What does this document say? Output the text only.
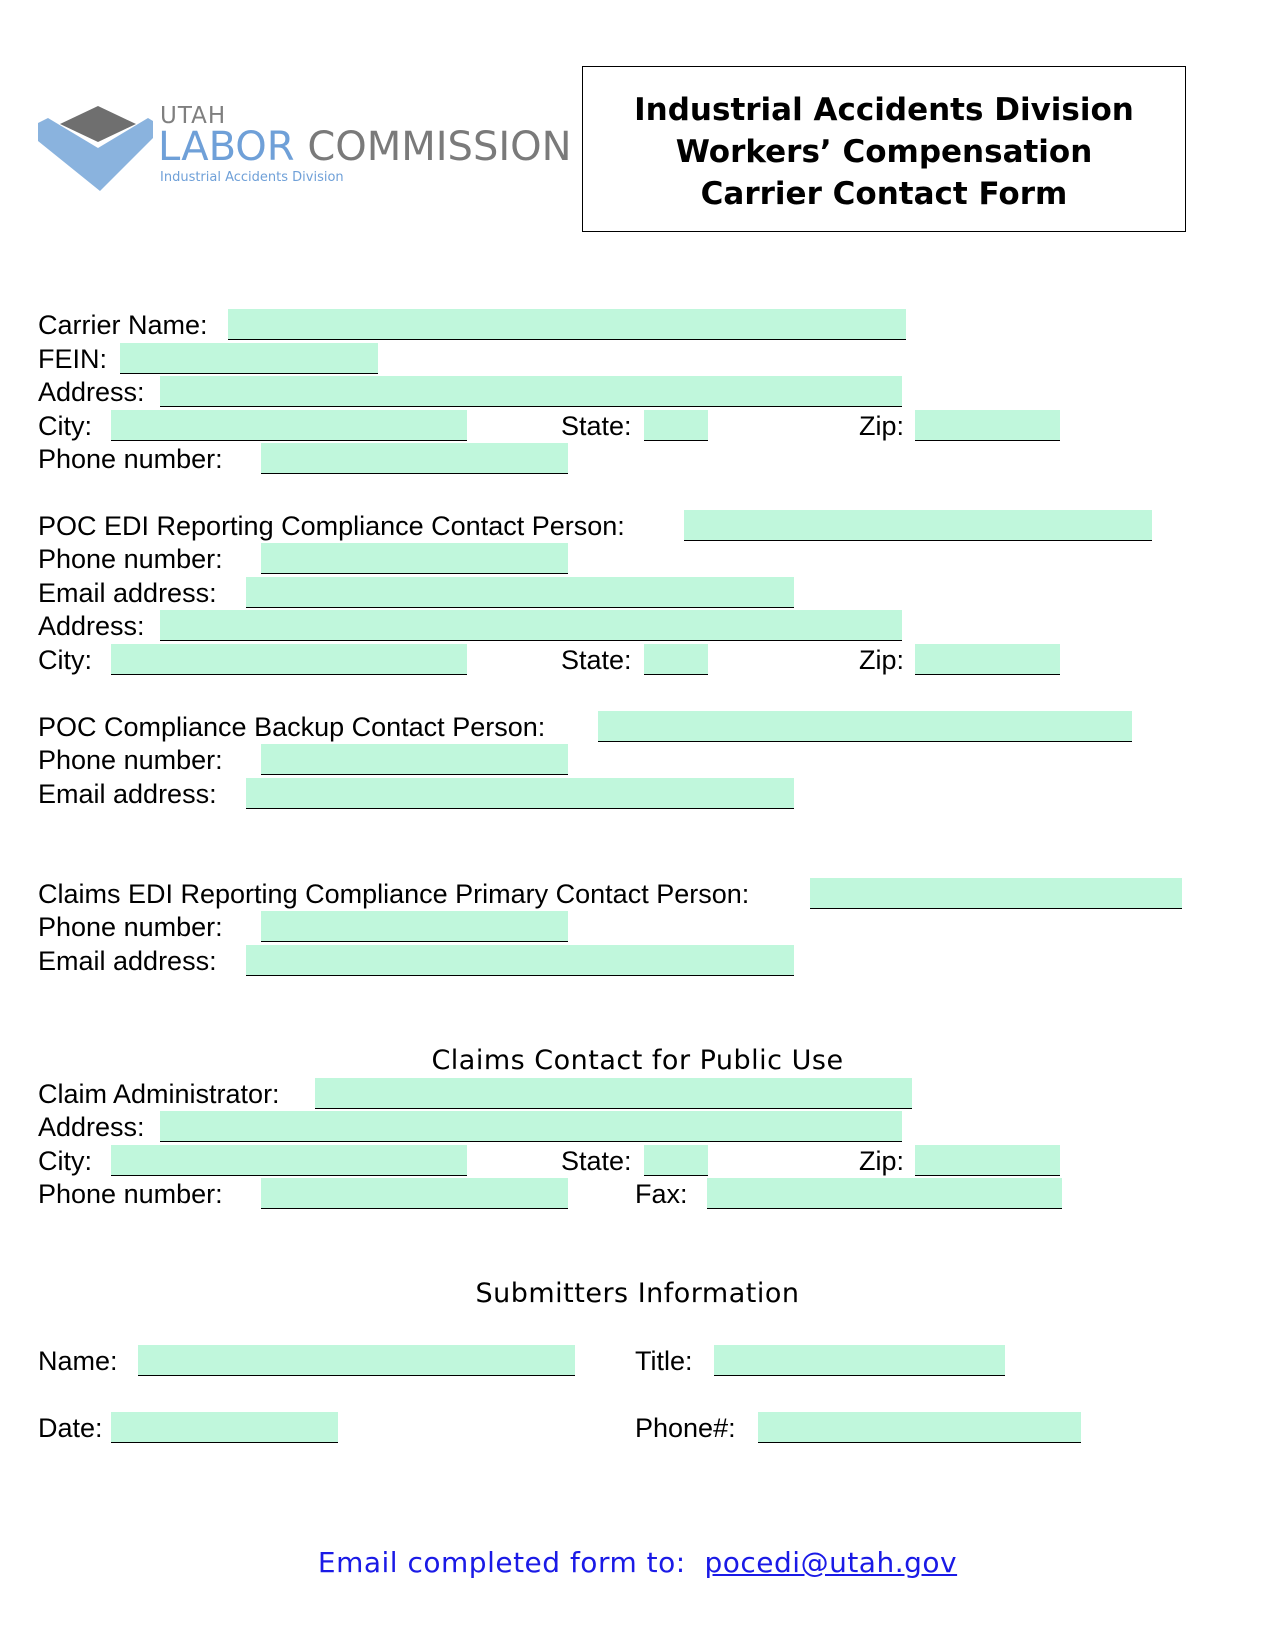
UTAH
LABOR COMMISSION
Industrial Accidents Division
Industrial Accidents Division
Workers’ Compensation
Carrier Contact Form
Carrier Name:
FEIN:
Address:
City:	State:	Zip:
Phone number:
POC EDI Reporting Compliance Contact Person:
Phone number:
Email address:
Address:
City:	State:	Zip:
POC Compliance Backup Contact Person:
Phone number:
Email address:
Claims EDI Reporting Compliance Primary Contact Person:
Phone number:
Email address:
Claims Contact for Public Use
Claim Administrator:
Address:
City:	State:	Zip:
Phone number:	Fax:
Submitters Information
Name:	Title:
Date:	Phone#:
Email completed form to: pocedi@utah.gov
